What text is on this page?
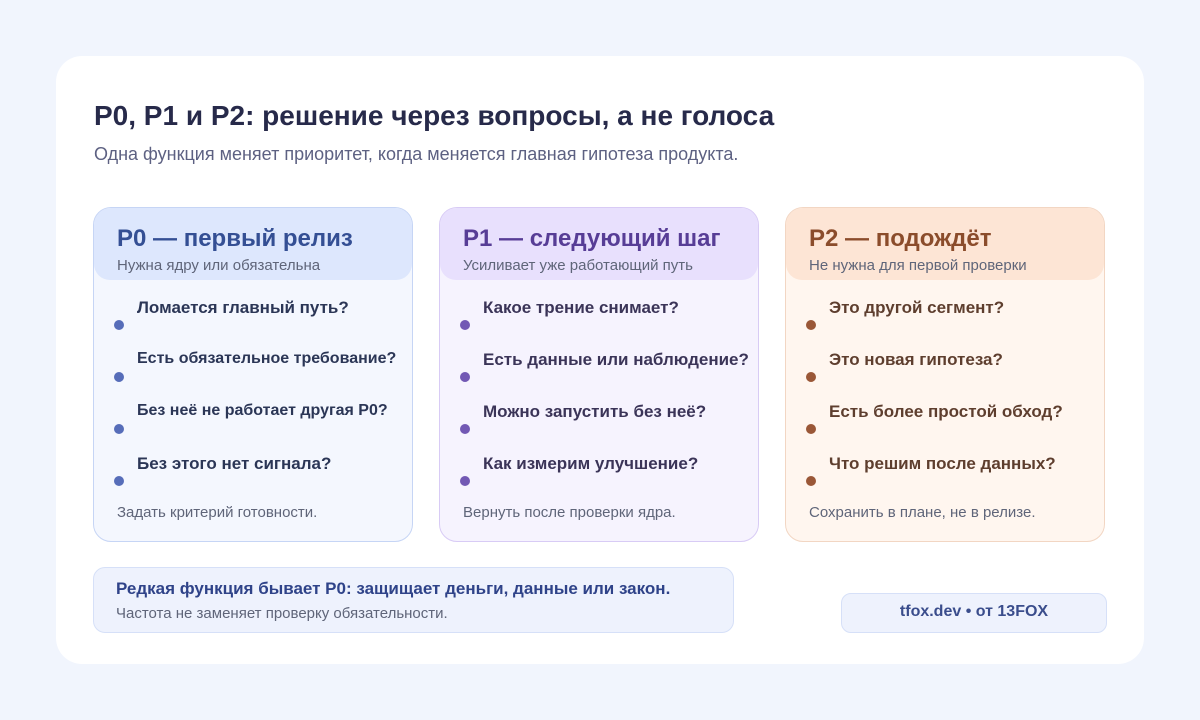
P0, P1 и P2: решение через вопросы, а не голоса
Одна функция меняет приоритет, когда меняется главная гипотеза продукта.
P0 — первый релиз
Нужна ядру или обязательна
Ломается главный путь?
Есть обязательное требование?
Без неё не работает другая P0?
Без этого нет сигнала?
Задать критерий готовности.
P1 — следующий шаг
Усиливает уже работающий путь
Какое трение снимает?
Есть данные или наблюдение?
Можно запустить без неё?
Как измерим улучшение?
Вернуть после проверки ядра.
P2 — подождёт
Не нужна для первой проверки
Это другой сегмент?
Это новая гипотеза?
Есть более простой обход?
Что решим после данных?
Сохранить в плане, не в релизе.
Редкая функция бывает P0: защищает деньги, данные или закон.
Частота не заменяет проверку обязательности.	tfox.dev • от 13FOX
